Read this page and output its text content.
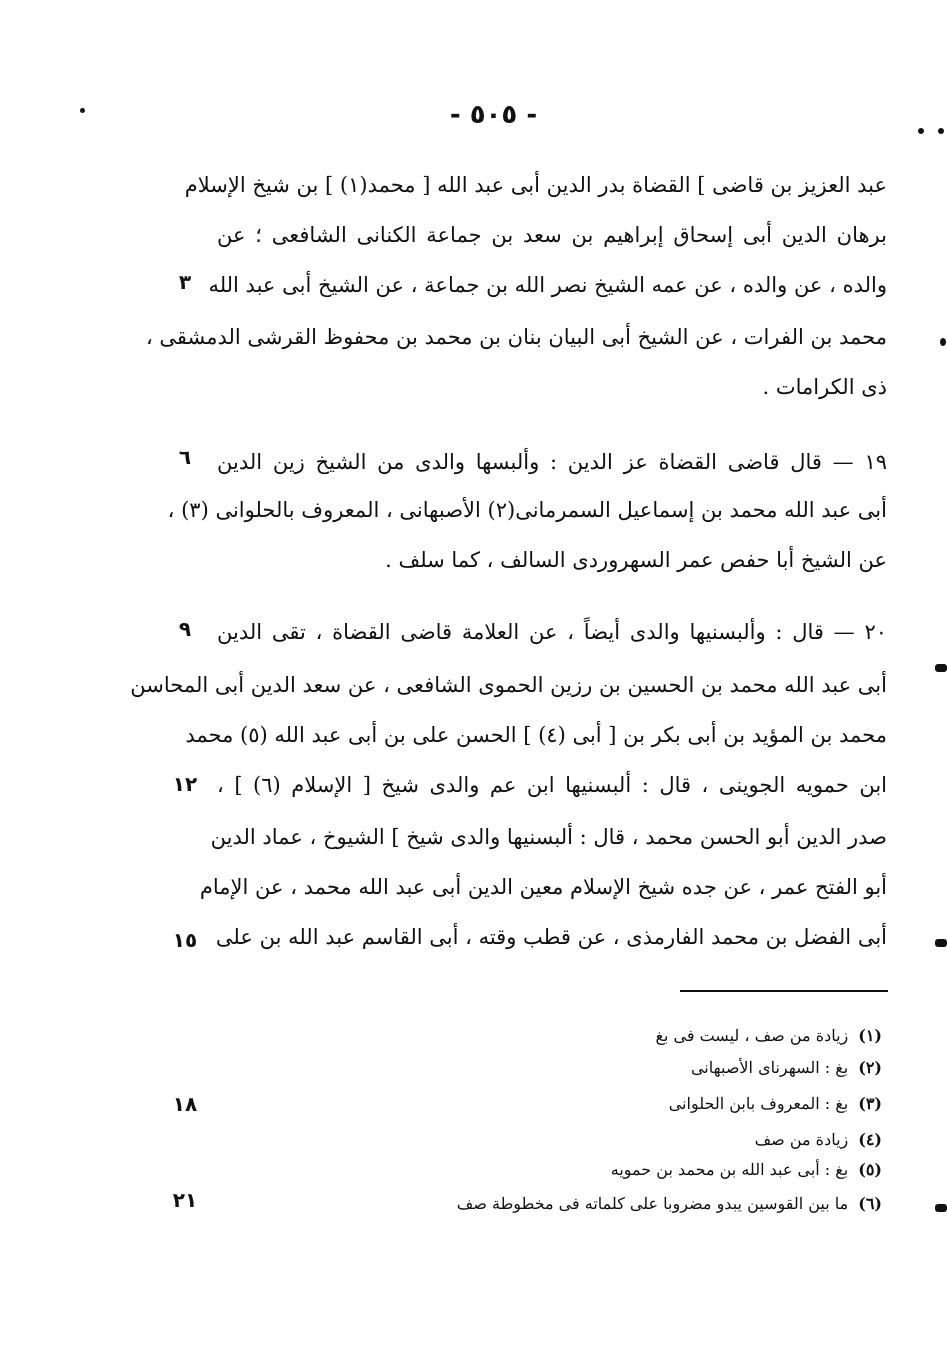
- ٥٠٥ -
عبد العزيز بن قاضى ] القضاة بدر الدين أبى عبد الله [ محمد(١) ] بن شيخ الإسلام
برهان الدين أبى إسحاق إبراهيم بن سعد بن جماعة الكنانى الشافعى ؛ عن
والده ، عن والده ، عن عمه الشيخ نصر الله بن جماعة ، عن الشيخ أبى عبد الله
محمد بن الفرات ، عن الشيخ أبى البيان بنان بن محمد بن محفوظ القرشى الدمشقى ،
ذى الكرامات .
١٩ — قال قاضى القضاة عز الدين : وألبسها والدى من الشيخ زين الدين
أبى عبد الله محمد بن إسماعيل السمرمانى(٢) الأصبهانى ، المعروف بالحلوانى (٣) ،
عن الشيخ أبا حفص عمر السهروردى السالف ، كما سلف .
٢٠ — قال : وألبسنيها والدى أيضاً ، عن العلامة قاضى القضاة ، تقى الدين
أبى عبد الله محمد بن الحسين بن رزين الحموى الشافعى ، عن سعد الدين أبى المحاسن
محمد بن المؤيد بن أبى بكر بن [ أبى (٤) ] الحسن على بن أبى عبد الله (٥) محمد
ابن حمويه الجوينى ، قال : ألبسنيها ابن عم والدى شيخ [ الإسلام (٦) ] ،
صدر الدين أبو الحسن محمد ، قال : ألبسنيها والدى شيخ ] الشيوخ ، عماد الدين
أبو الفتح عمر ، عن جده شيخ الإسلام معين الدين أبى عبد الله محمد ، عن الإمام
أبى الفضل بن محمد الفارمذى ، عن قطب وقته ، أبى القاسم عبد الله بن على
٣
٦
٩
١٢
١٥
١٨
٢١
(١)زيادة من صف ، ليست فى بغ
(٢)بغ : السهرناى الأصبهانى
(٣)بغ : المعروف بابن الحلوانى
(٤)زيادة من صف
(٥)بغ : أبى عبد الله بن محمد بن حمويه
(٦)ما بين القوسين يبدو مضروبا على كلماته فى مخطوطة صف
